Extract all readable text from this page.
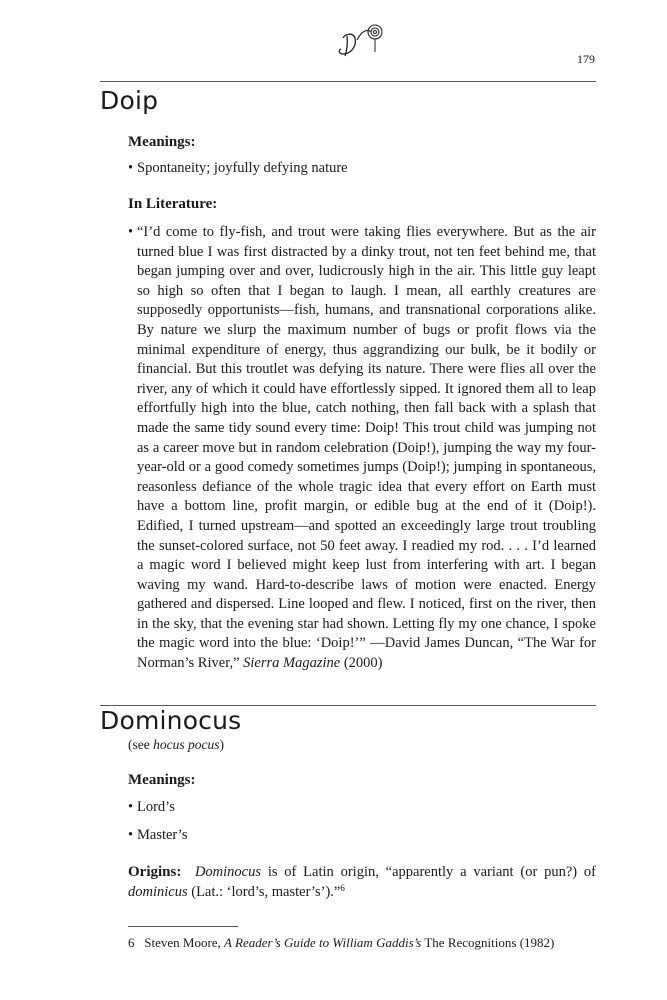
179
Doip
Meanings:
• Spontaneity; joyfully defying nature
In Literature:
• “I’d come to fly-fish, and trout were taking flies everywhere. But as the air turned blue I was first distracted by a dinky trout, not ten feet behind me, that began jumping over and over, ludicrously high in the air. This little guy leapt so high so often that I began to laugh. I mean, all earthly creatures are supposedly opportunists—fish, humans, and transnational corporations alike. By nature we slurp the maximum number of bugs or profit flows via the minimal expenditure of energy, thus aggrandizing our bulk, be it bodily or financial. But this troutlet was defying its nature. There were flies all over the river, any of which it could have effortlessly sipped. It ignored them all to leap effortfully high into the blue, catch nothing, then fall back with a splash that made the same tidy sound every time: Doip! This trout child was jumping not as a career move but in random celebration (Doip!), jumping the way my four-year-old or a good comedy sometimes jumps (Doip!); jumping in spontaneous, reasonless defiance of the whole tragic idea that every effort on Earth must have a bottom line, profit margin, or edible bug at the end of it (Doip!). Edified, I turned upstream—and spotted an exceedingly large trout troubling the sunset-colored surface, not 50 feet away. I readied my rod. . . . I’d learned a magic word I believed might keep lust from interfering with art. I began waving my wand. Hard-to-describe laws of motion were enacted. Energy gathered and dispersed. Line looped and flew. I noticed, first on the river, then in the sky, that the evening star had shown. Letting fly my one chance, I spoke the magic word into the blue: ‘Doip!’” —David James Duncan, “The War for Norman’s River,” Sierra Magazine (2000)
Dominocus
(see hocus pocus)
Meanings:
• Lord’s
• Master’s
Origins: Dominocus is of Latin origin, “apparently a variant (or pun?) of dominicus (Lat.: ‘lord’s, master’s’).”$^6$
6 Steven Moore, A Reader’s Guide to William Gaddis’s The Recognitions (1982)
